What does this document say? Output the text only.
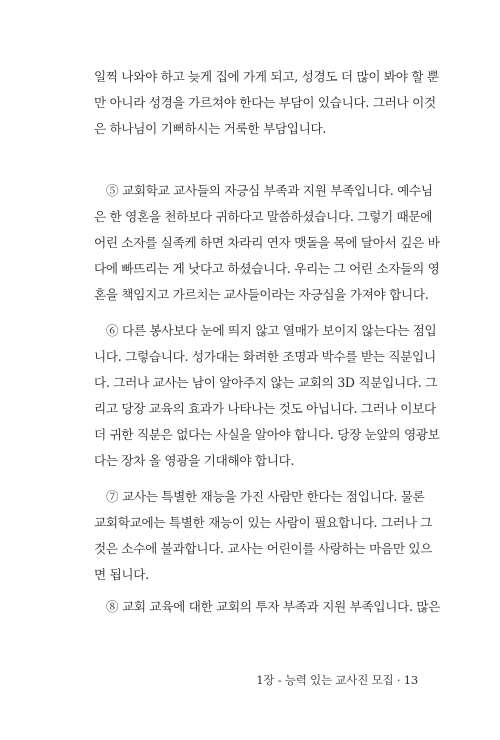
일찍 나와야 하고 늦게 집에 가게 되고, 성경도 더 많이 봐야 할 뿐
만 아니라 성경을 가르쳐야 한다는 부담이 있습니다. 그러나 이것
은 하나님이 기뻐하시는 거룩한 부담입니다.
⑤ 교회학교 교사들의 자긍심 부족과 지원 부족입니다. 예수님
은 한 영혼을 천하보다 귀하다고 말씀하셨습니다. 그렇기 때문에
어린 소자를 실족케 하면 차라리 연자 맷돌을 목에 달아서 깊은 바
다에 빠뜨리는 게 낫다고 하셨습니다. 우리는 그 어린 소자들의 영
혼을 책임지고 가르치는 교사들이라는 자긍심을 가져야 합니다.
⑥ 다른 봉사보다 눈에 띄지 않고 열매가 보이지 않는다는 점입
니다. 그렇습니다. 성가대는 화려한 조명과 박수를 받는 직분입니
다. 그러나 교사는 남이 알아주지 않는 교회의 3D 직분입니다. 그
리고 당장 교육의 효과가 나타나는 것도 아닙니다. 그러나 이보다
더 귀한 직분은 없다는 사실을 알아야 합니다. 당장 눈앞의 영광보
다는 장차 올 영광을 기대해야 합니다.
⑦ 교사는 특별한 재능을 가진 사람만 한다는 점입니다. 물론
교회학교에는 특별한 재능이 있는 사람이 필요합니다. 그러나 그
것은 소수에 불과합니다. 교사는 어린이를 사랑하는 마음만 있으
면 됩니다.
⑧ 교회 교육에 대한 교회의 투자 부족과 지원 부족입니다. 많은
1장 - 능력 있는 교사진 모집 · 13
